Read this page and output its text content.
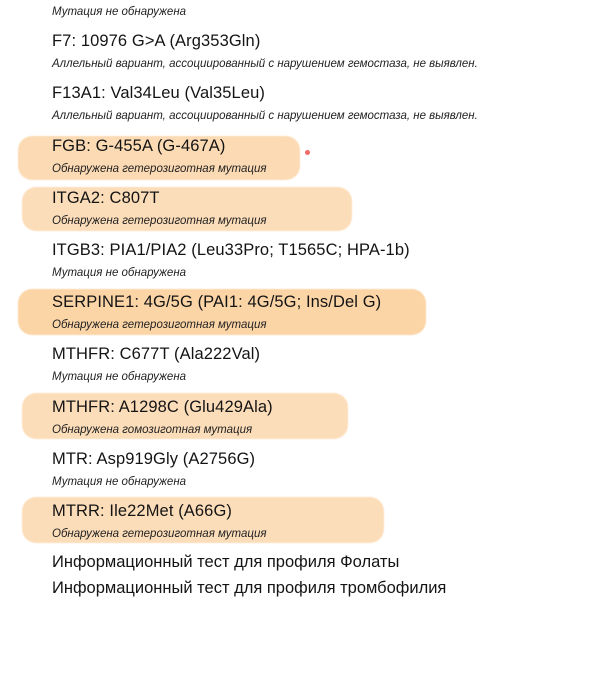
Мутация не обнаружена
F7: 10976 G>A (Arg353Gln)
Аллельный вариант, ассоциированный с нарушением гемостаза, не выявлен.
F13A1: Val34Leu (Val35Leu)
Аллельный вариант, ассоциированный с нарушением гемостаза, не выявлен.
FGB: G-455A (G-467A)
Обнаружена гетерозиготная мутация
ITGA2: C807T
Обнаружена гетерозиготная мутация
ITGB3: PIA1/PIA2 (Leu33Pro; T1565C; HPA-1b)
Мутация не обнаружена
SERPINE1: 4G/5G (PAI1: 4G/5G; Ins/Del G)
Обнаружена гетерозиготная мутация
MTHFR: C677T (Ala222Val)
Мутация не обнаружена
MTHFR: A1298C (Glu429Ala)
Обнаружена гомозиготная мутация
MTR: Asp919Gly (A2756G)
Мутация не обнаружена
MTRR: Ile22Met (A66G)
Обнаружена гетерозиготная мутация
Информационный тест для профиля Фолаты
Информационный тест для профиля тромбофилия
